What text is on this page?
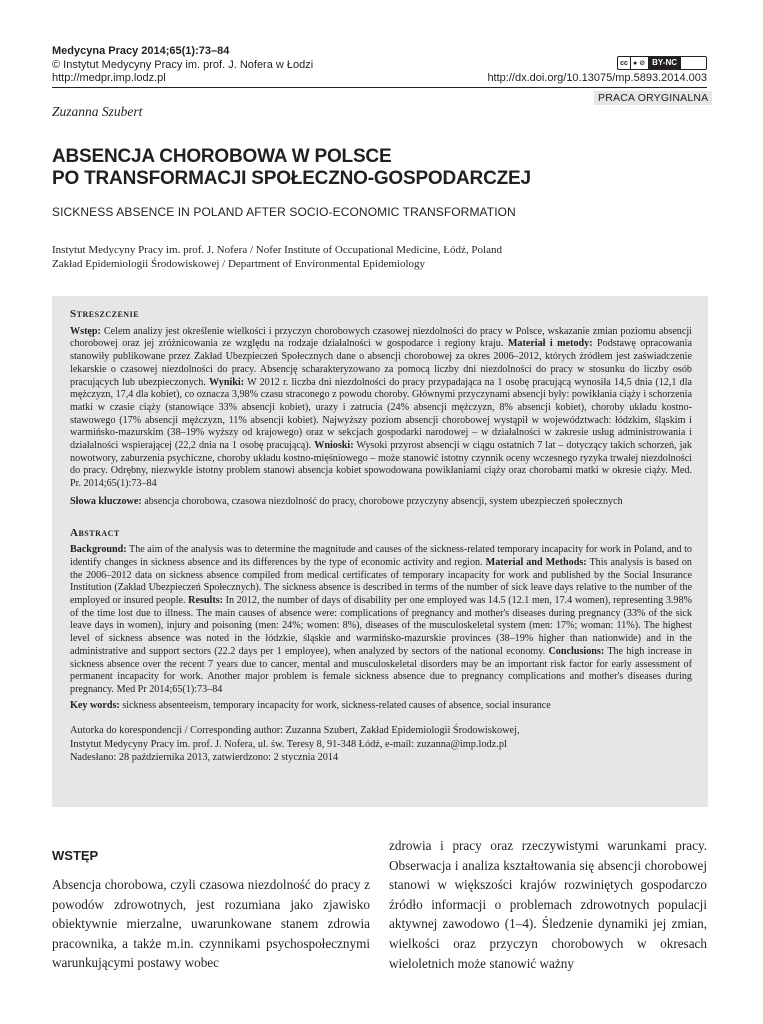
Medycyna Pracy 2014;65(1):73–84
© Instytut Medycyny Pracy im. prof. J. Nofera w Łodzi
http://medpr.imp.lodz.pl
cc ● ⊘ BY-NC
http://dx.doi.org/10.13075/mp.5893.2014.003
PRACA ORYGINALNA
Zuzanna Szubert
ABSENCJA CHOROBOWA W POLSCE
PO TRANSFORMACJI SPOŁECZNO-GOSPODARCZEJ
SICKNESS ABSENCE IN POLAND AFTER SOCIO-ECONOMIC TRANSFORMATION
Instytut Medycyny Pracy im. prof. J. Nofera / Nofer Institute of Occupational Medicine, Łódź, Poland
Zakład Epidemiologii Środowiskowej / Department of Environmental Epidemiology
Streszczenie

Wstęp: Celem analizy jest określenie wielkości i przyczyn chorobowych czasowej niezdolności do pracy w Polsce, wskazanie zmian poziomu absencji chorobowej oraz jej zróżnicowania ze względu na rodzaje działalności w gospodarce i regiony kraju. Materiał i metody: Podstawę opracowania stanowiły publikowane przez Zakład Ubezpieczeń Społecznych dane o absencji chorobowej za okres 2006–2012, których źródłem jest zaświadczenie lekarskie o czasowej niezdolności do pracy. Absencję scharakteryzowano za pomocą liczby dni niezdolności do pracy w stosunku do liczby osób pracujących lub ubezpieczonych. Wyniki: W 2012 r. liczba dni niezdolności do pracy przypadająca na 1 osobę pracującą wynosiła 14,5 dnia (12,1 dla mężczyzn, 17,4 dla kobiet), co oznacza 3,98% czasu straconego z powodu choroby. Głównymi przyczynami absencji były: powikłania ciąży i schorzenia matki w czasie ciąży (stanowiące 33% absencji kobiet), urazy i zatrucia (24% absencji mężczyzn, 8% absencji kobiet), choroby układu kostno-stawowego (17% absencji mężczyzn, 11% absencji kobiet). Najwyższy poziom absencji chorobowej wystąpił w województwach: łódzkim, śląskim i warmińsko-mazurskim (38–19% wyższy od krajowego) oraz w sekcjach gospodarki narodowej – w działalności w zakresie usług administrowania i działalności wspierającej (22,2 dnia na 1 osobę pracującą). Wnioski: Wysoki przyrost absencji w ciągu ostatnich 7 lat – dotyczący takich schorzeń, jak nowotwory, zaburzenia psychiczne, choroby układu kostno-mięśniowego – może stanowić istotny czynnik oceny wczesnego ryzyka trwałej niezdolności do pracy. Odrębny, niezwykle istotny problem stanowi absencja kobiet spowodowana powikłaniami ciąży oraz chorobami matki w okresie ciąży. Med. Pr. 2014;65(1):73–84

Słowa kluczowe: absencja chorobowa, czasowa niezdolność do pracy, chorobowe przyczyny absencji, system ubezpieczeń społecznych

Abstract

Background: The aim of the analysis was to determine the magnitude and causes of the sickness-related temporary incapacity for work in Poland, and to identify changes in sickness absence and its differences by the type of economic activity and region. Material and Methods: This analysis is based on the 2006–2012 data on sickness absence compiled from medical certificates of temporary incapacity for work and published by the Social Insurance Institution (Zakład Ubezpieczeń Społecznych). The sickness absence is described in terms of the number of sick leave days relative to the number of the employed or insured people. Results: In 2012, the number of days of disability per one employed was 14.5 (12.1 men, 17.4 women), representing 3.98% of the time lost due to illness. The main causes of absence were: complications of pregnancy and mother's diseases during pregnancy (33% of the sick leave days in women), injury and poisoning (men: 24%; women: 8%), diseases of the musculoskeletal system (men: 17%; woman: 11%). The highest level of sickness absence was noted in the łódzkie, śląskie and warmińsko-mazurskie provinces (38–19% higher than nationwide) and in the administrative and support sectors (22.2 days per 1 employee), when analyzed by sectors of the national economy. Conclusions: The high increase in sickness absence over the recent 7 years due to cancer, mental and musculoskeletal disorders may be an important risk factor for early assessment of permanent incapacity for work. Another major problem is female sickness absence due to pregnancy complications and mother's diseases during pregnancy. Med Pr 2014;65(1):73–84

Key words: sickness absenteeism, temporary incapacity for work, sickness-related causes of absence, social insurance

Autorka do korespondencji / Corresponding author: Zuzanna Szubert, Zakład Epidemiologii Środowiskowej,
Instytut Medycyny Pracy im. prof. J. Nofera, ul. św. Teresy 8, 91-348 Łódź, e-mail: zuzanna@imp.lodz.pl
Nadesłano: 28 października 2013, zatwierdzono: 2 stycznia 2014
WSTĘP

Absencja chorobowa, czyli czasowa niezdolność do pracy z powodów zdrowotnych, jest rozumiana jako zjawisko obiektywnie mierzalne, uwarunkowane stanem zdrowia pracownika, a także m.in. czynnikami psychospołecznymi warunkującymi postawy wobec

zdrowia i pracy oraz rzeczywistymi warunkami pracy. Obserwacja i analiza kształtowania się absencji chorobowej stanowi w większości krajów rozwiniętych gospodarczo źródło informacji o problemach zdrowotnych populacji aktywnej zawodowo (1–4). Śledzenie dynamiki jej zmian, wielkości oraz przyczyn chorobowych w okresach wieloletnich może stanowić ważny
